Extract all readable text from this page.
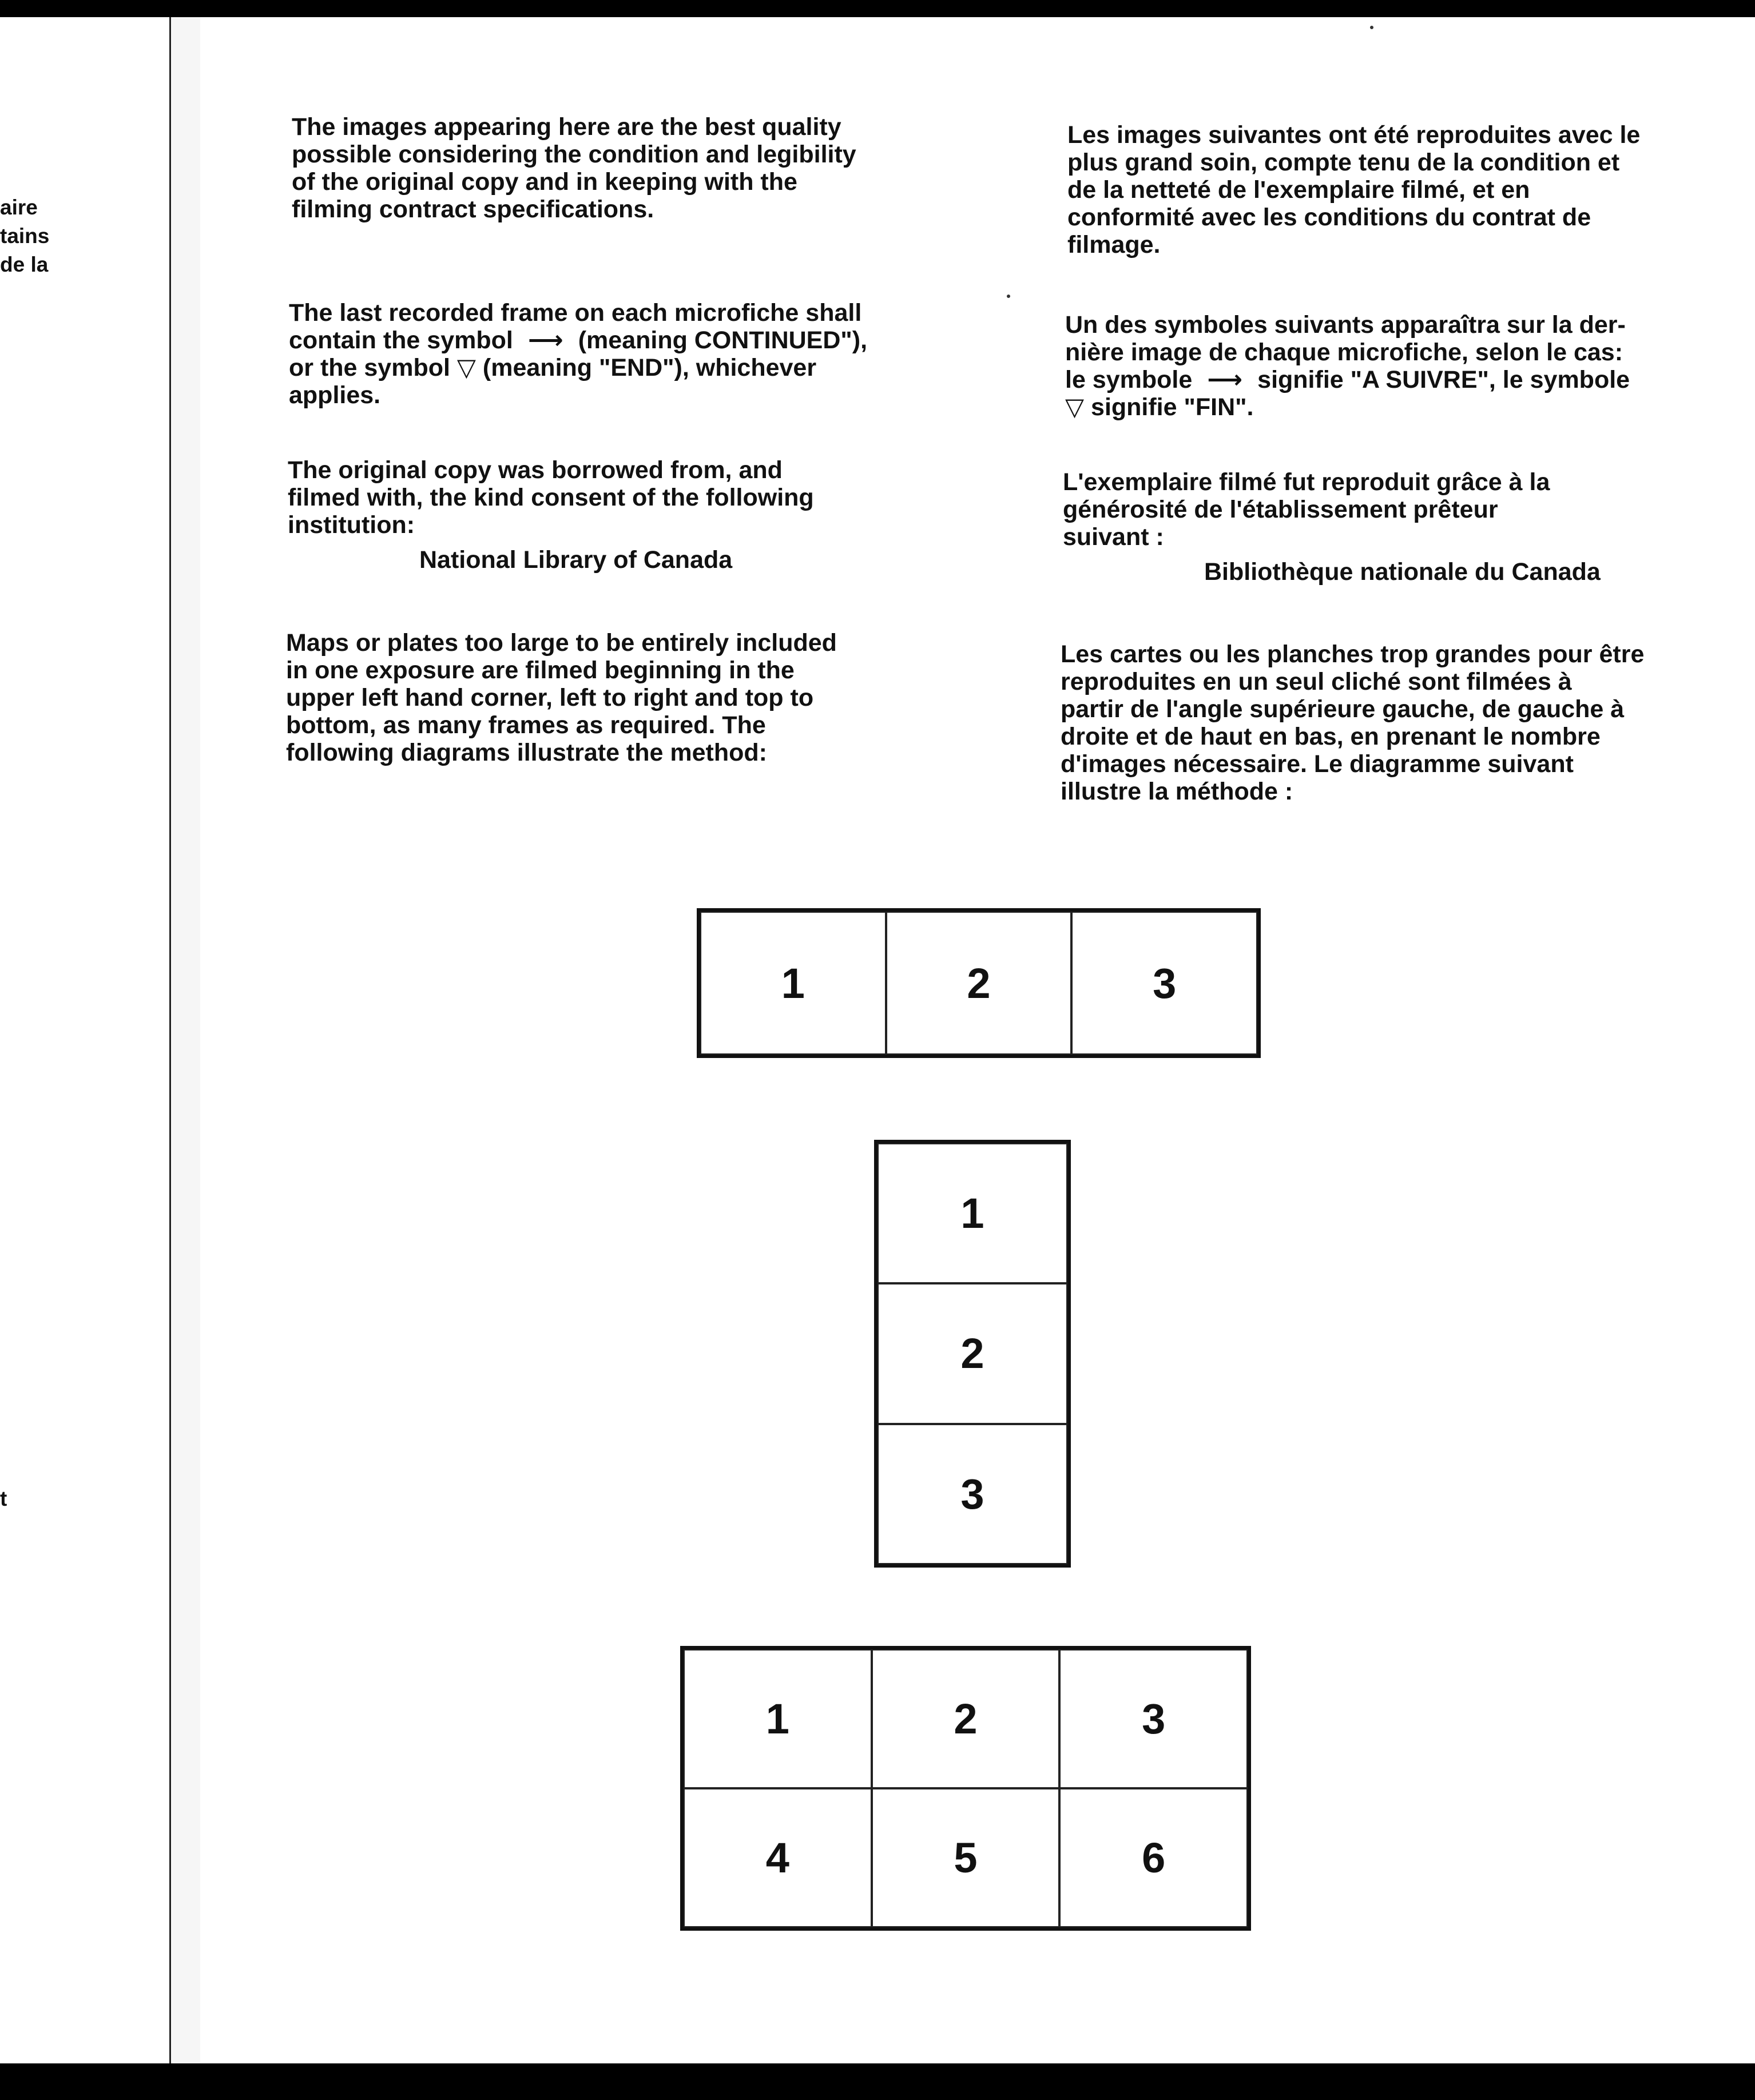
aire
tains
de la
t
The images appearing here are the best quality
possible considering the condition and legibility
of the original copy and in keeping with the
filming contract specifications.
The last recorded frame on each microfiche shall
contain the symbol ⟶ (meaning CONTINUED"),
or the symbol ▽ (meaning "END"), whichever
applies.
The original copy was borrowed from, and
filmed with, the kind consent of the following
institution:
National Library of Canada
Maps or plates too large to be entirely included
in one exposure are filmed beginning in the
upper left hand corner, left to right and top to
bottom, as many frames as required. The
following diagrams illustrate the method:
Les images suivantes ont été reproduites avec le
plus grand soin, compte tenu de la condition et
de la netteté de l'exemplaire filmé, et en
conformité avec les conditions du contrat de
filmage.
Un des symboles suivants apparaîtra sur la der-
nière image de chaque microfiche, selon le cas:
le symbole ⟶ signifie "A SUIVRE", le symbole
▽ signifie "FIN".
L'exemplaire filmé fut reproduit grâce à la
générosité de l'établissement prêteur
suivant :
Bibliothèque nationale du Canada
Les cartes ou les planches trop grandes pour être
reproduites en un seul cliché sont filmées à
partir de l'angle supérieure gauche, de gauche à
droite et de haut en bas, en prenant le nombre
d'images nécessaire. Le diagramme suivant
illustre la méthode :
1	2	3
1
2
3
1	2	3
4	5	6
